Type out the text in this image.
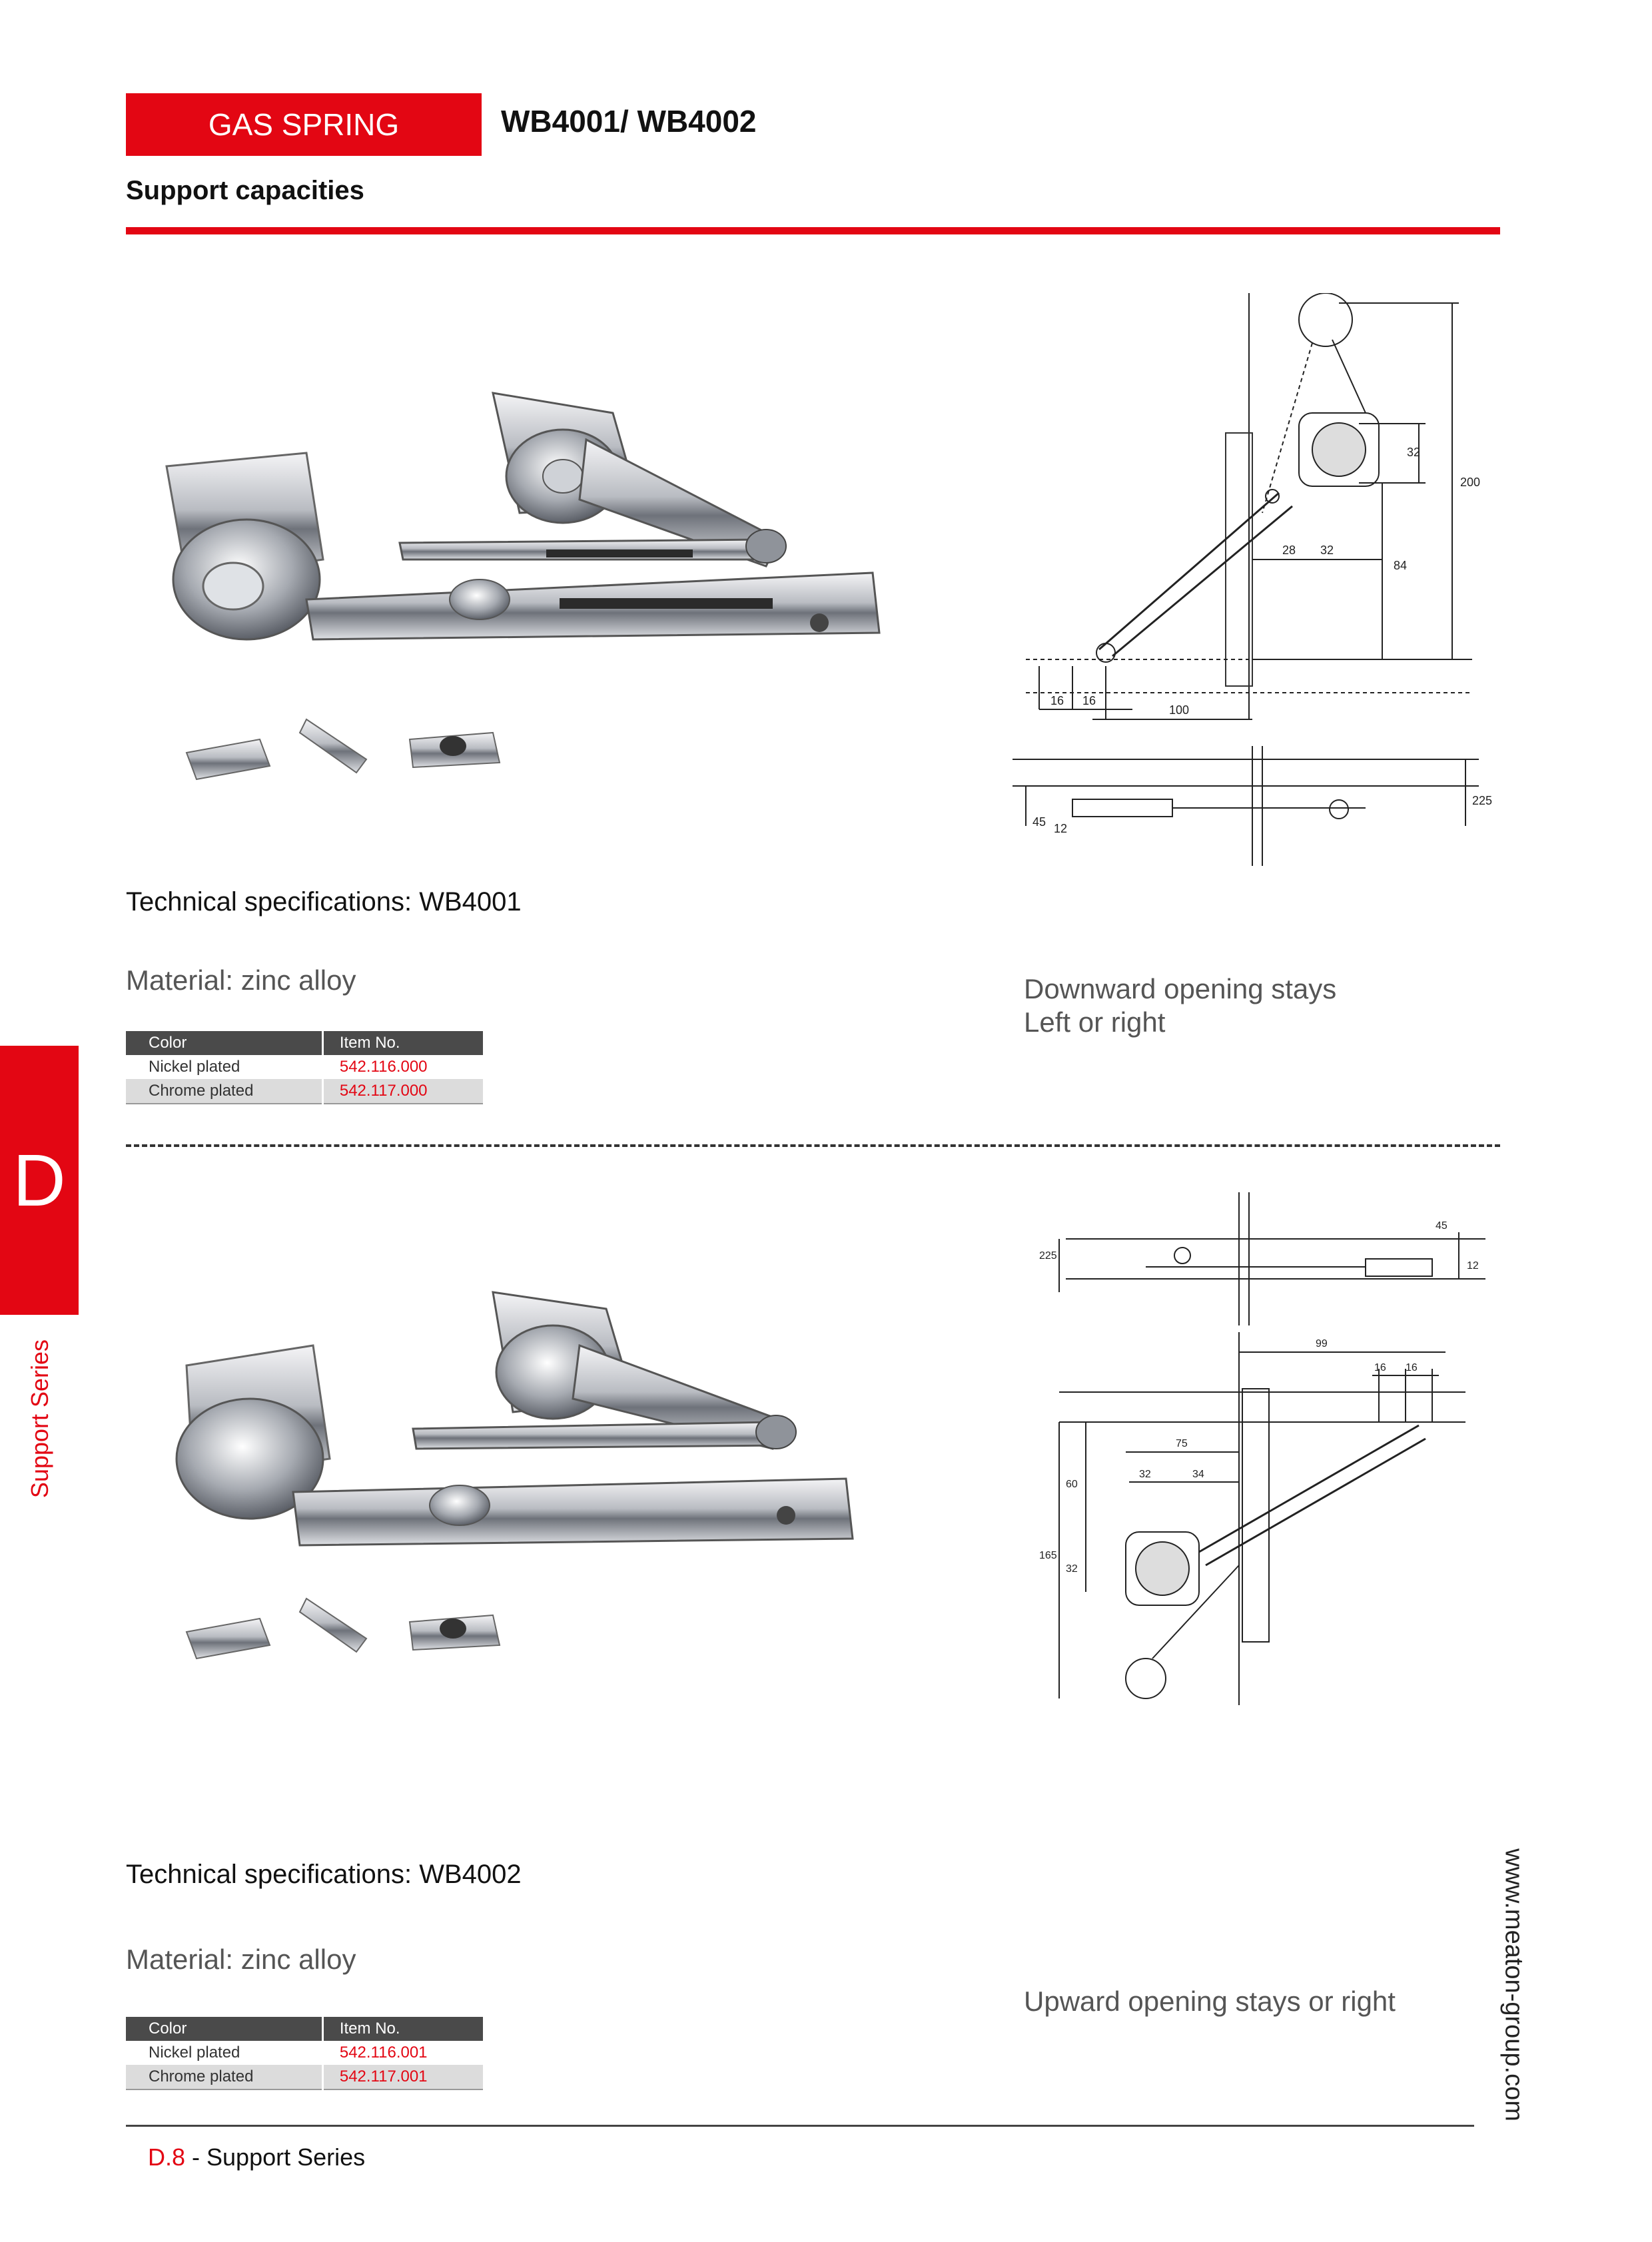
GAS SPRING	WB4001/ WB4002
Support capacities
D
Support Series
www.meaton-group.com
32
200
28 32
84
16 16
100
225
45 12
Technical specifications: WB4001
Material: zinc alloy	Downward opening stays
Left or right
Color	Item No.
Nickel plated	542.116.000
Chrome plated	542.117.000
45
225
12
99
16 16
75
32	34
60
165
32
Technical specifications: WB4002
Material: zinc alloy
Upward opening stays or right
Color	Item No.
Nickel plated	542.116.001
Chrome plated	542.117.001
D.8 - Support Series
